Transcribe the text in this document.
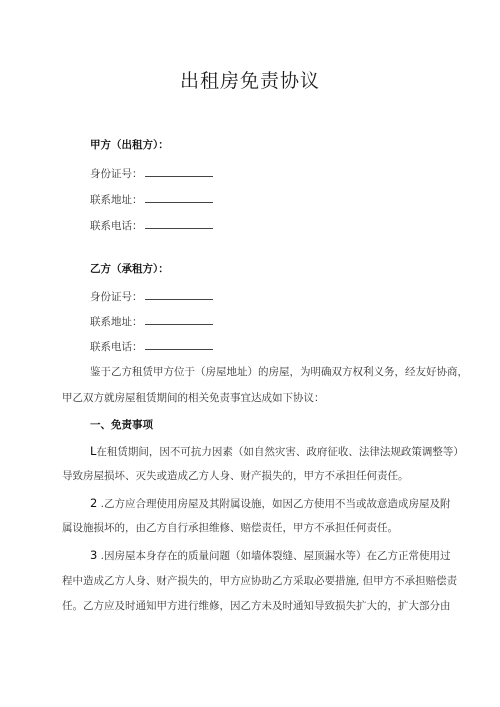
出租房免责协议
甲方（出租方）：
身份证号：
联系地址：
联系电话：
乙方（承租方）：
身份证号：
联系地址：
联系电话：
鉴于乙方租赁甲方位于（房屋地址）的房屋，为明确双方权利义务，经友好协商，
甲乙双方就房屋租赁期间的相关免责事宜达成如下协议：
一、免责事项
L在租赁期间，因不可抗力因素（如自然灾害、政府征收、法律法规政策调整等）
导致房屋损坏、灭失或造成乙方人身、财产损失的，甲方不承担任何责任。
2 .乙方应合理使用房屋及其附属设施，如因乙方使用不当或故意造成房屋及附
属设施损坏的，由乙方自行承担维修、赔偿责任，甲方不承担任何责任。
3 .因房屋本身存在的质量问题（如墙体裂缝、屋顶漏水等）在乙方正常使用过
程中造成乙方人身、财产损失的，甲方应协助乙方采取必要措施, 但甲方不承担赔偿责
任。乙方应及时通知甲方进行维修，因乙方未及时通知导致损失扩大的，扩大部分由
